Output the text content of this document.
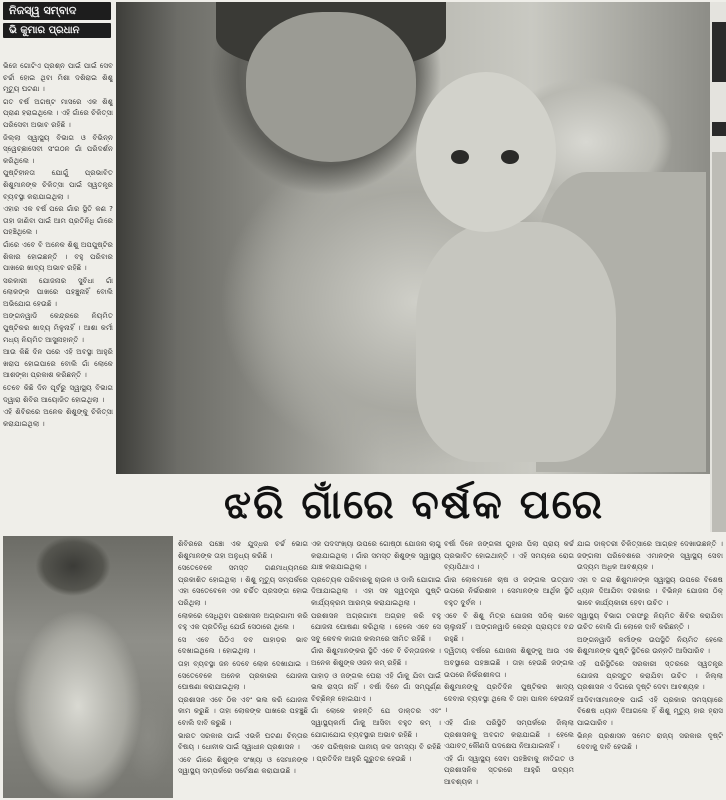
ନିଜସ୍ୱ ସମ୍ବାଦ
ଭି କୁମାର ପ୍ରଧାନ

ଭିଜେ ଗୋଟିଏ ପ୍ରଶ୍ନ ପାଇଁ ପାଇଁ ସେବ ଚର୍ଚ୍ଚା ହୋଇ ଥିବା ମିଶା ଦଶିରାଇ ଶିଶୁ ମୃତ୍ୟୁ ଘଟଣା ।

ଗତ ବର୍ଷ ଅଗଷ୍ଟ ମାସରେ ଏକ ଶିଶୁ ପ୍ରାଣ ହରାଇଥିଲେ । ଏହି ଗାଁରେ ଚିକିତ୍ସା ପରିସେବା ଅଭାବ ରହିଛି ।

ଜିଲ୍ଲା ସ୍ୱାସ୍ଥ୍ୟ ବିଭାଗ ଓ ବିଭିନ୍ନ ସ୍ୱେଚ୍ଛାସେବୀ ସଂଗଠନ ଗାଁ ପରିଦର୍ଶନ କରିଥିଲେ ।

ପୁଷ୍ଟିହୀନତା ଯୋଗୁଁ ପ୍ରଭାବିତ ଶିଶୁମାନଙ୍କ ଚିକିତ୍ସା ପାଇଁ ସ୍ୱତନ୍ତ୍ର ବ୍ୟବସ୍ଥା କରାଯାଇଥିଲା ।

ଏହାର ଏକ ବର୍ଷ ପରେ ଗାଁର ସ୍ଥିତି କଣ ? ତାହା ଜାଣିବା ପାଇଁ ଆମ ପ୍ରତିନିଧି ଗାଁରେ ପହଞ୍ଚିଥିଲେ ।

ଗାଁରେ ଏବେ ବି ଅନେକ ଶିଶୁ ଅପପୁଷ୍ଟିର ଶିକାର ହୋଇଛନ୍ତି । ବହୁ ପରିବାର ପାଖରେ ଖାଦ୍ୟ ଅଭାବ ରହିଛି ।

ସରକାରୀ ଯୋଜନାର ସୁବିଧା ଗାଁ ଲୋକଙ୍କ ପାଖରେ ପହଞ୍ଚୁନାହିଁ ବୋଲି ଅଭିଯୋଗ ହେଉଛି ।

ଅଙ୍ଗନୱାଡି କେନ୍ଦ୍ରରେ ନିୟମିତ ପୁଷ୍ଟିକର ଖାଦ୍ୟ ମିଳୁନାହିଁ । ଆଶା କର୍ମୀ ମଧ୍ୟ ନିୟମିତ ଆସୁନାହାନ୍ତି ।

ଆଉ କିଛି ଦିନ ପରେ ଏହି ଅବସ୍ଥା ଆହୁରି ଖରାପ ହୋଇପାରେ ବୋଲି ଗାଁ ଲୋକେ ଆଶଙ୍କା ପ୍ରକାଶ କରିଛନ୍ତି ।

ତେବେ କିଛି ଦିନ ପୂର୍ବରୁ ସ୍ୱାସ୍ଥ୍ୟ ବିଭାଗ ଦ୍ୱାରା ଶିବିର ଆୟୋଜିତ ହୋଇଥିଲା ।

ଏହି ଶିବିରରେ ଅନେକ ଶିଶୁଙ୍କୁ ଚିକିତ୍ସା କରାଯାଇଥିଲା ।

ଝରି ଗାଁରେ ବର୍ଷକ ପରେ

ଶିବିରରେ ପଞ୍ଚୋ ଏକ ଯୁଦ୍ଧର ଚର୍ଚ୍ଚ ଭୋଗ ଶିଶୁମାନଙ୍କ ତାହା ଅନୁଧ୍ୟ କରିଛି ।

ସେତେବେଳେ ସମସ୍ତ ଗଣମାଧ୍ୟମରେ ପ୍ରକାଶିତ ହୋଇଥିଲା । ଶିଶୁ ମୃତ୍ୟୁ ସମ୍ପର୍କରେ ଏହା ସେତେବେଳେ ଏକ ଚର୍ଚ୍ଚିତ ପ୍ରସଙ୍ଗ ହୋଇ ପରିଥିଲା ।

ଲୋକରେ ସେଧିଥିବା ପରଶାସନ ଅଗ୍ରଗାମୀ କରି ବହୁ ଏକ ପ୍ରତିନିଧି ଯେଉଁ ସେଠାରେ ଥିଲେ ।

ସେ ଏବେ ପିଠିଏ ଦବ ପାହାଡ଼ର ଭାବ ଦେଖାଇଥିଲେ । ହୋଇଥିଲା ।

ତାହା ବ୍ୟବସ୍ଥା ଜନ ଦେବେ ଲୋକ ଦେଖାଯାଇ । ସେତେବେଳେ ଅନେକ ପ୍ରକାରର ଯୋଜନା ଘୋଷଣା କରାଯାଇଥିଲା ।

ପ୍ରଶାସନ ଏବେ ଠିକ ଏବଂ ଭଲ କରି ଯୋଜନା କାମ କରୁଛି । ତାହା ଲୋକଙ୍କ ପାଖରେ ପହଞ୍ଚୁଛି ବୋଲି ଦାବି କରୁଛି ।

ଭାରତ ସରକାର ପାଇଁ ଏଭଳି ଘଟଣା ଚିନ୍ତାର ବିଷୟ । ଧୋନୀକ ପାଇଁ ସ୍ୱାଧୀନ ପ୍ରଶାସନ ।

ଏବେ ଗାଁରେ ଶିଶୁଙ୍କ ସଂଖ୍ୟା ଓ ସେମାନଙ୍କ ସ୍ୱାସ୍ଥ୍ୟ ସମ୍ପର୍କରେ ସର୍ବେକ୍ଷଣ କରାଯାଉଛି ।

ଏକ ପଦସଂଖ୍ୟା ଉପରେ ଗୋଷ୍ଠୀ ଯୋଜନା ଲାଗୁ କରାଯାଇଥିଲା । ଗାଁର ସମସ୍ତ ଶିଶୁଙ୍କ ସ୍ୱାସ୍ଥ୍ୟ ଯାଞ୍ଚ କରାଯାଇଥିଲା ।

ପ୍ରତ୍ୟେକ ପରିବାରକୁ ଚାଉଳ ଓ ଡାଲି ଯୋଗାଇ ଦିଆଯାଇଥିଲା । ଏହା ସହ ସ୍ୱତନ୍ତ୍ର ପୁଷ୍ଟି କାର୍ଯ୍ୟକ୍ରମ ଆରମ୍ଭ କରାଯାଇଥିଲା ।

ପରଶାସନ ଅଗ୍ରଗାମୀ ଅଗ୍ରହ କରି ବହୁ ଯୋଜନା ଘୋଷଣା କରିଥିଲା । ହେଲେ ଏବେ ସେ ସବୁ କେବଳ କାଗଜ କଲମରେ ସୀମିତ ରହିଛି ।

ଗାଁର ଶିଶୁମାନଙ୍କର ସ୍ଥିତି ଏବେ ବି ଚିନ୍ତାଜନକ । ଅନେକ ଶିଶୁଙ୍କ ଓଜନ କମ୍ ରହିଛି ।

ପାହାଡ଼ ଓ ଜଙ୍ଗଲ ଘେରା ଏହି ଗାଁକୁ ଯିବା ପାଇଁ ଭଲ ରାସ୍ତା ନାହିଁ । ବର୍ଷା ଦିନେ ଗାଁ ସମ୍ପୂର୍ଣ୍ଣ ବିଚ୍ଛିନ୍ନ ହୋଇଯାଏ ।

ଗାଁ ଲୋକେ କହନ୍ତି ଯେ ଡାକ୍ତର ଏବଂ ସ୍ୱାସ୍ଥ୍ୟକର୍ମୀ ଗାଁକୁ ଆସିବା ବହୁତ କମ୍ । ଯୋଗାଯୋଗ ବ୍ୟବସ୍ଥାର ଅଭାବ ରହିଛି ।

ଏବେ ପରିଷ୍କାର ପାନୀୟ ଜଳ ସମସ୍ୟା ବି ରହିଛି । ପ୍ରତିଦିନ ଆହୁରି ଗୁରୁତର ହେଉଛି ।

ବର୍ଷା ଦିନେ ଜଙ୍ଗଲୀ ଗୁହାର ପିଲା ପ୍ରାୟ କର୍ଚ୍ଚ ପ୍ରଭାବିତ ହୋଇଥାନ୍ତି । ଏହି ସମୟରେ ରୋଗ ବ୍ୟାପିଥାଏ ।

ଗାଁର ଲୋକମାନେ ଚାଷ ଓ ଜଙ୍ଗଲ ଉତ୍ପାଦ ଉପରେ ନିର୍ଭରଶୀଳ । ସେମାନଙ୍କ ଆର୍ଥିକ ସ୍ଥିତି ବହୁତ ଦୁର୍ବଳ ।

ଏବେ ବି ଶିଶୁ ମିତ୍ର ଯୋଜନା ସଠିକ୍ ଭାବେ ଚାଲୁନାହିଁ । ଅଙ୍ଗନୱାଡି କେନ୍ଦ୍ର ପ୍ରାୟତଃ ବନ୍ଦ ରହୁଛି ।

ଦ୍ୱିତୀୟ ବର୍ଷରେ ଯୋଜନା ଶିଶୁଙ୍କୁ ଆଉ ଏକ ଅବସ୍ଥାରେ ପହଞ୍ଚାଇଛି । ତାହା ହେଉଛି ଜଙ୍ଗଲ ଉପରେ ନିର୍ଭରଶୀଳତା ।

ଶିଶୁମାନଙ୍କୁ ପ୍ରତିଦିନ ପୁଷ୍ଟିକର ଖାଦ୍ୟ ଦେବାର ବ୍ୟବସ୍ଥା ଥିଲେ ବି ତାହା ପାଳନ ହେଉନାହିଁ ।

ଏହି ଗାଁର ପରିସ୍ଥିତି ସମ୍ପର୍କରେ ଜିଲ୍ଲା ପ୍ରଶାସନକୁ ଅବଗତ କରାଯାଇଛି । ହେଲେ ଏଯାବତ୍ କୌଣସି ପଦକ୍ଷେପ ନିଆଯାଇନାହିଁ ।

ଏହି ଗାଁ ସ୍ୱାସ୍ଥ୍ୟ ସେବା ପହଞ୍ଚିବାକୁ ନୀତିଗତ ଓ ପ୍ରଶାସନିକ ସ୍ତରରେ ଆହୁରି ଉଦ୍ୟମ ଆବଶ୍ୟକ ।

ଯାଇ ଡାକ୍ତରୀ ଚିକିତ୍ସାରେ ଆଗ୍ରହ ଦେଖାଉଛନ୍ତି । ଜଙ୍ଗଲୀ ପରିବେଶରେ ଏମାନଙ୍କ ସ୍ୱାସ୍ଥ୍ୟ ସେବା ଉଦ୍ୟମ ଅଧିକ ଆବଶ୍ୟକ ।

ଏହା ଦ ଗରା ଶିଶୁମାନଙ୍କ ସ୍ୱାସ୍ଥ୍ୟ ଉପରେ ବିଶେଷ ଧ୍ୟାନ ଦିଆଯିବା ଦରକାର । ବିଭିନ୍ନ ଯୋଜନା ଠିକ୍ ଭାବେ କାର୍ଯ୍ୟକାରୀ ହେବା ଉଚିତ ।

ସ୍ୱାସ୍ଥ୍ୟ ବିଭାଗ ତରଫରୁ ନିୟମିତ ଶିବିର କରାଯିବା ଉଚିତ ବୋଲି ଗାଁ ଲୋକେ ଦାବି କରିଛନ୍ତି ।

ଅଙ୍ଗନୱାଡି କର୍ମୀଙ୍କ ଉପସ୍ଥିତି ନିୟମିତ ହେଲେ ଶିଶୁମାନଙ୍କ ପୁଷ୍ଟି ସ୍ଥିତିରେ ଉନ୍ନତି ଆସିପାରିବ ।

ଏହି ପରିସ୍ଥିତିରେ ସରକାରୀ ସ୍ତରରେ ସ୍ୱତନ୍ତ୍ର ଯୋଜନା ପ୍ରସ୍ତୁତ କରାଯିବା ଉଚିତ । ଜିଲ୍ଲା ପ୍ରଶାସନ ଏ ଦିଗରେ ଦୃଷ୍ଟି ଦେବା ଆବଶ୍ୟକ ।

ଆଦିବାସୀମାନଙ୍କ ପାଇଁ ଏହି ପ୍ରକାର ସମସ୍ୟାରେ ବିଶେଷ ଧ୍ୟାନ ଦିଆଗଲେ ହିଁ ଶିଶୁ ମୃତ୍ୟୁ ହାର ହ୍ରାସ ପାଇପାରିବ ।

ଭିନ୍ନ ପ୍ରଶାସନ ସମେତ ରାଜ୍ୟ ସରକାର ଦୃଷ୍ଟି ଦେବାକୁ ଦାବି ହେଉଛି ।
